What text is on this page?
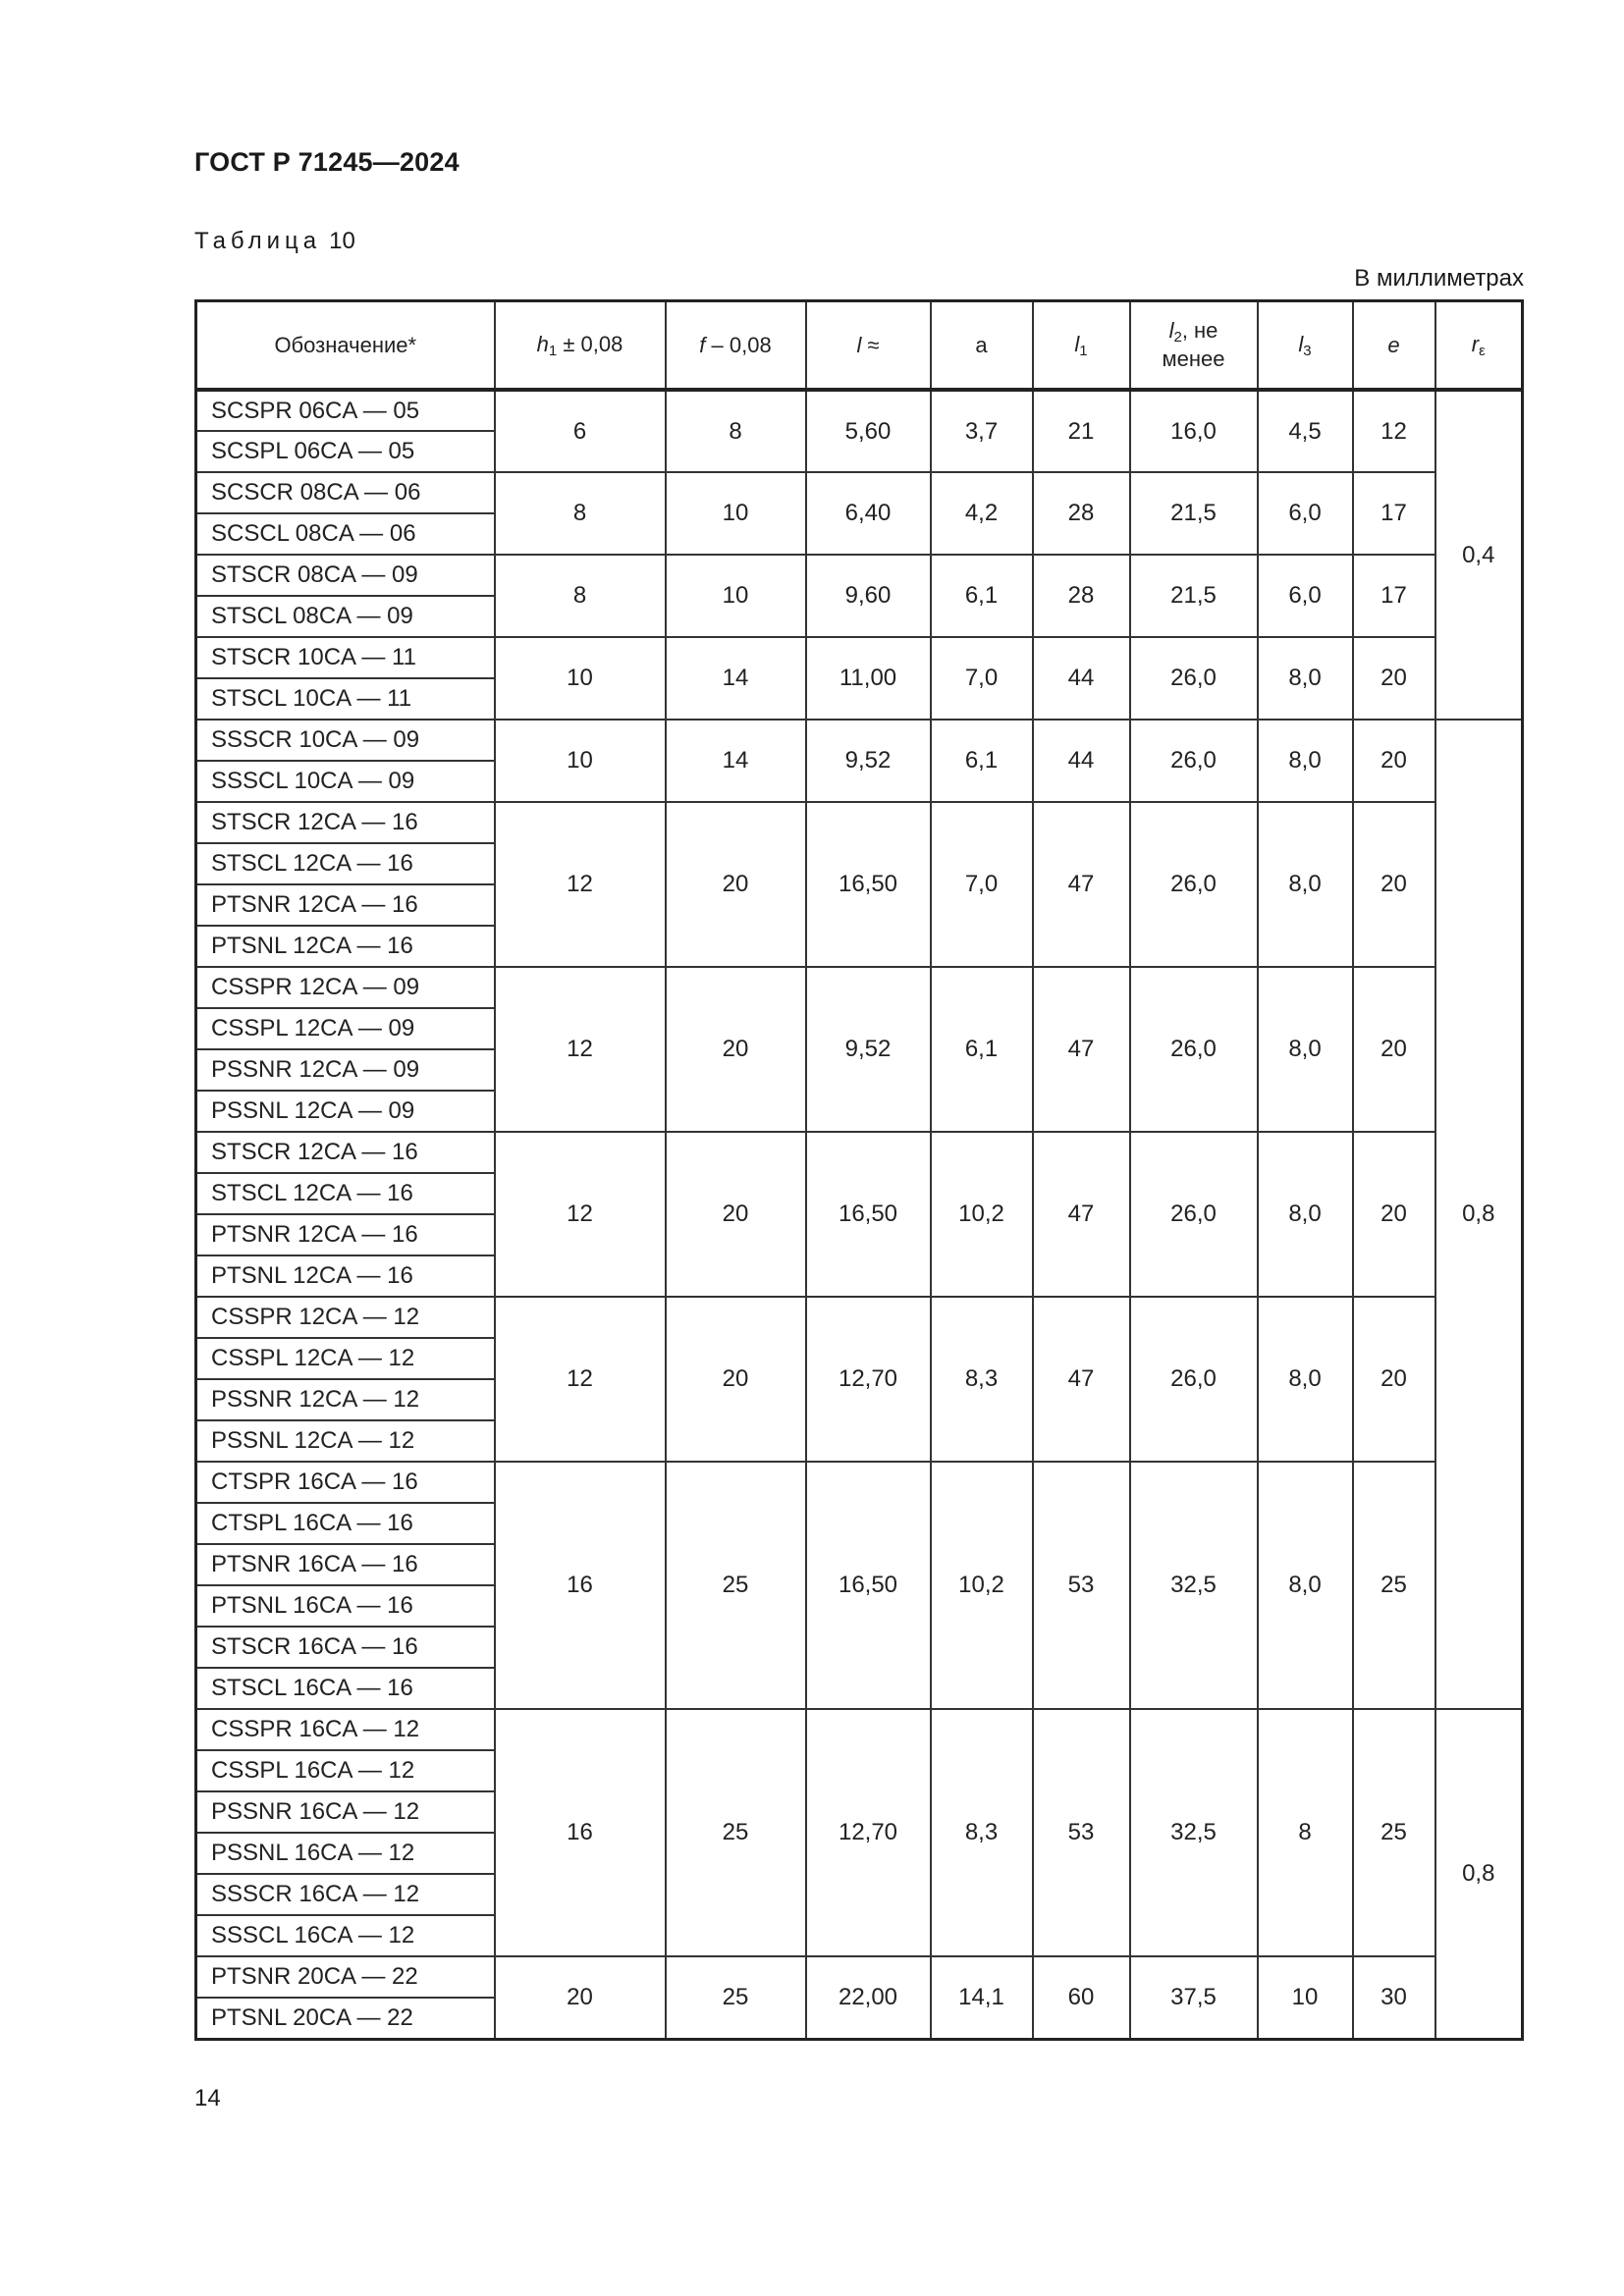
ГОСТ Р 71245—2024
Таблица 10
В миллиметрах
Обозначение*	$h_1 \pm 0,08$	f – 0,08	l ≈	a	$l_1$	$l_2$, не
менее	$l_3$	e	$r_\varepsilon$
SCSPR 06CA — 05	6	8	5,60	3,7	21	16,0	4,5	12	0,4
SCSPL 06CA — 05									
SCSCR 08CA — 06	8	10	6,40	4,2	28	21,5	6,0	17	
SCSCL 08CA — 06									
STSCR 08CA — 09	8	10	9,60	6,1	28	21,5	6,0	17	
STSCL 08CA — 09									
STSCR 10CA — 11	10	14	11,00	7,0	44	26,0	8,0	20	
STSCL 10CA — 11									
SSSCR 10CA — 09	10	14	9,52	6,1	44	26,0	8,0	20	0,8
SSSCL 10CA — 09									
STSCR 12CA — 16	12	20	16,50	7,0	47	26,0	8,0	20	
STSCL 12CA — 16									
PTSNR 12CA — 16									
PTSNL 12CA — 16									
CSSPR 12CA — 09	12	20	9,52	6,1	47	26,0	8,0	20	
CSSPL 12CA — 09									
PSSNR 12CA — 09									
PSSNL 12CA — 09									
STSCR 12CA — 16	12	20	16,50	10,2	47	26,0	8,0	20	
STSCL 12CA — 16									
PTSNR 12CA — 16									
PTSNL 12CA — 16									
CSSPR 12CA — 12	12	20	12,70	8,3	47	26,0	8,0	20	
CSSPL 12CA — 12									
PSSNR 12CA — 12									
PSSNL 12CA — 12									
CTSPR 16CA — 16	16	25	16,50	10,2	53	32,5	8,0	25	
CTSPL 16CA — 16									
PTSNR 16CA — 16									
PTSNL 16CA — 16									
STSCR 16CA — 16									
STSCL 16CA — 16									
CSSPR 16CA — 12	16	25	12,70	8,3	53	32,5	8	25	0,8
CSSPL 16CA — 12									
PSSNR 16CA — 12									
PSSNL 16CA — 12									
SSSCR 16CA — 12									
SSSCL 16CA — 12									
PTSNR 20CA — 22	20	25	22,00	14,1	60	37,5	10	30	
PTSNL 20CA — 22									
14
